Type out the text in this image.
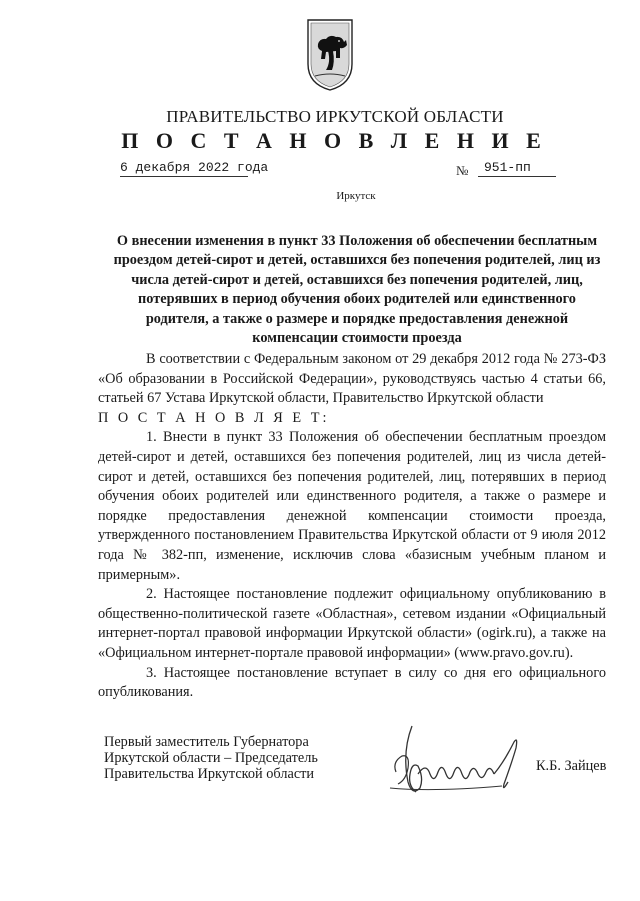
ПРАВИТЕЛЬСТВО ИРКУТСКОЙ ОБЛАСТИ
П О С Т А Н О В Л Е Н И Е
6 декабря 2022 года	№	951-пп
Иркутск
О внесении изменения в пункт 33 Положения об обеспечении бесплатным проездом детей-сирот и детей, оставшихся без попечения родителей, лиц из числа детей-сирот и детей, оставшихся без попечения родителей, лиц, потерявших в период обучения обоих родителей или единственного родителя, а также о размере и порядке предоставления денежной компенсации стоимости проезда

В соответствии с Федеральным законом от 29 декабря 2012 года № 273-ФЗ «Об образовании в Российской Федерации», руководствуясь частью 4 статьи 66, статьей 67 Устава Иркутской области, Правительство Иркутской области

П О С Т А Н О В Л Я Е Т:

1. Внести в пункт 33 Положения об обеспечении бесплатным проездом детей-сирот и детей, оставшихся без попечения родителей, лиц из числа детей-сирот и детей, оставшихся без попечения родителей, лиц, потерявших в период обучения обоих родителей или единственного родителя, а также о размере и порядке предоставления денежной компенсации стоимости проезда, утвержденного постановлением Правительства Иркутской области от 9 июля 2012 года № 382-пп, изменение, исключив слова «базисным учебным планом и примерным».

2. Настоящее постановление подлежит официальному опубликованию в общественно-политической газете «Областная», сетевом издании «Официальный интернет-портал правовой информации Иркутской области» (ogirk.ru), а также на «Официальном интернет-портале правовой информации» (www.pravo.gov.ru).

3. Настоящее постановление вступает в силу со дня его официального опубликования.

Первый заместитель Губернатора
Иркутской области – Председатель
Правительства Иркутской области	К.Б. Зайцев
